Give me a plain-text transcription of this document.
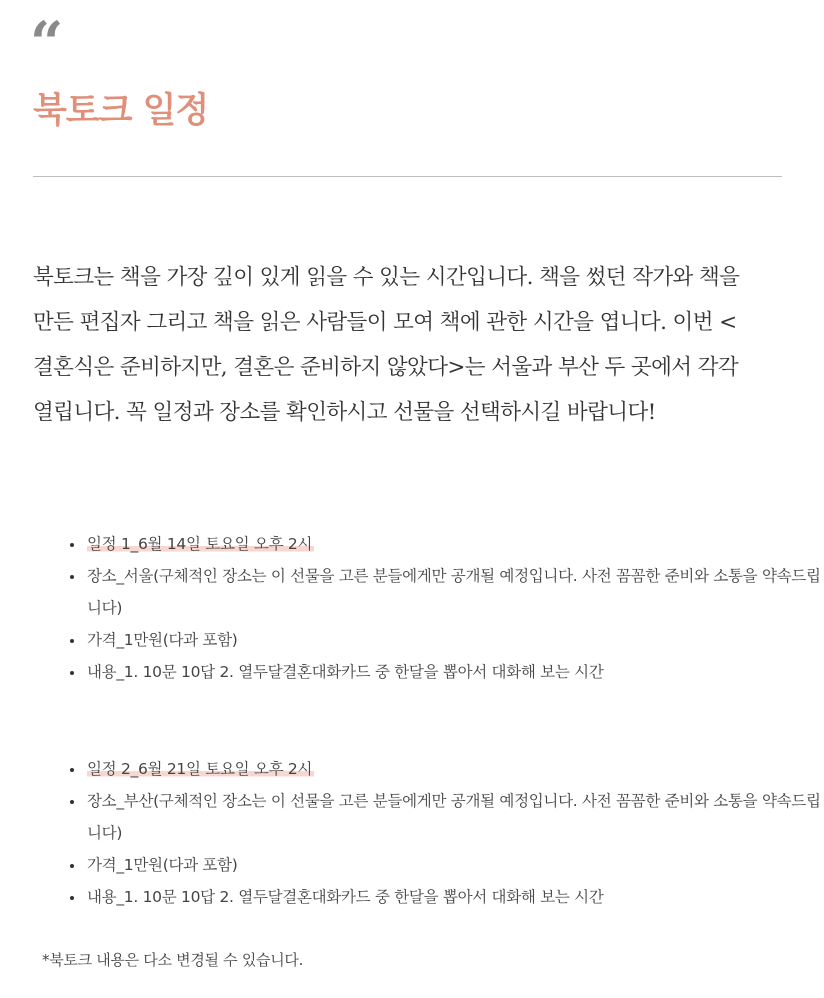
“
북토크 일정

북토크는 책을 가장 깊이 있게 읽을 수 있는 시간입니다. 책을 썼던 작가와 책을 만든 편집자 그리고 책을 읽은 사람들이 모여 책에 관한 시간을 엽니다. 이번 <결혼식은 준비하지만, 결혼은 준비하지 않았다>는 서울과 부산 두 곳에서 각각 열립니다. 꼭 일정과 장소를 확인하시고 선물을 선택하시길 바랍니다!

• 일정 1_6월 14일 토요일 오후 2시
• 장소_서울(구체적인 장소는 이 선물을 고른 분들에게만 공개될 예정입니다. 사전 꼼꼼한 준비와 소통을 약속드립니다)
• 가격_1만원(다과 포함)
• 내용_1. 10문 10답 2. 열두달결혼대화카드 중 한달을 뽑아서 대화해 보는 시간
• 일정 2_6월 21일 토요일 오후 2시
• 장소_부산(구체적인 장소는 이 선물을 고른 분들에게만 공개될 예정입니다. 사전 꼼꼼한 준비와 소통을 약속드립니다)
• 가격_1만원(다과 포함)
• 내용_1. 10문 10답 2. 열두달결혼대화카드 중 한달을 뽑아서 대화해 보는 시간

*북토크 내용은 다소 변경될 수 있습니다.
